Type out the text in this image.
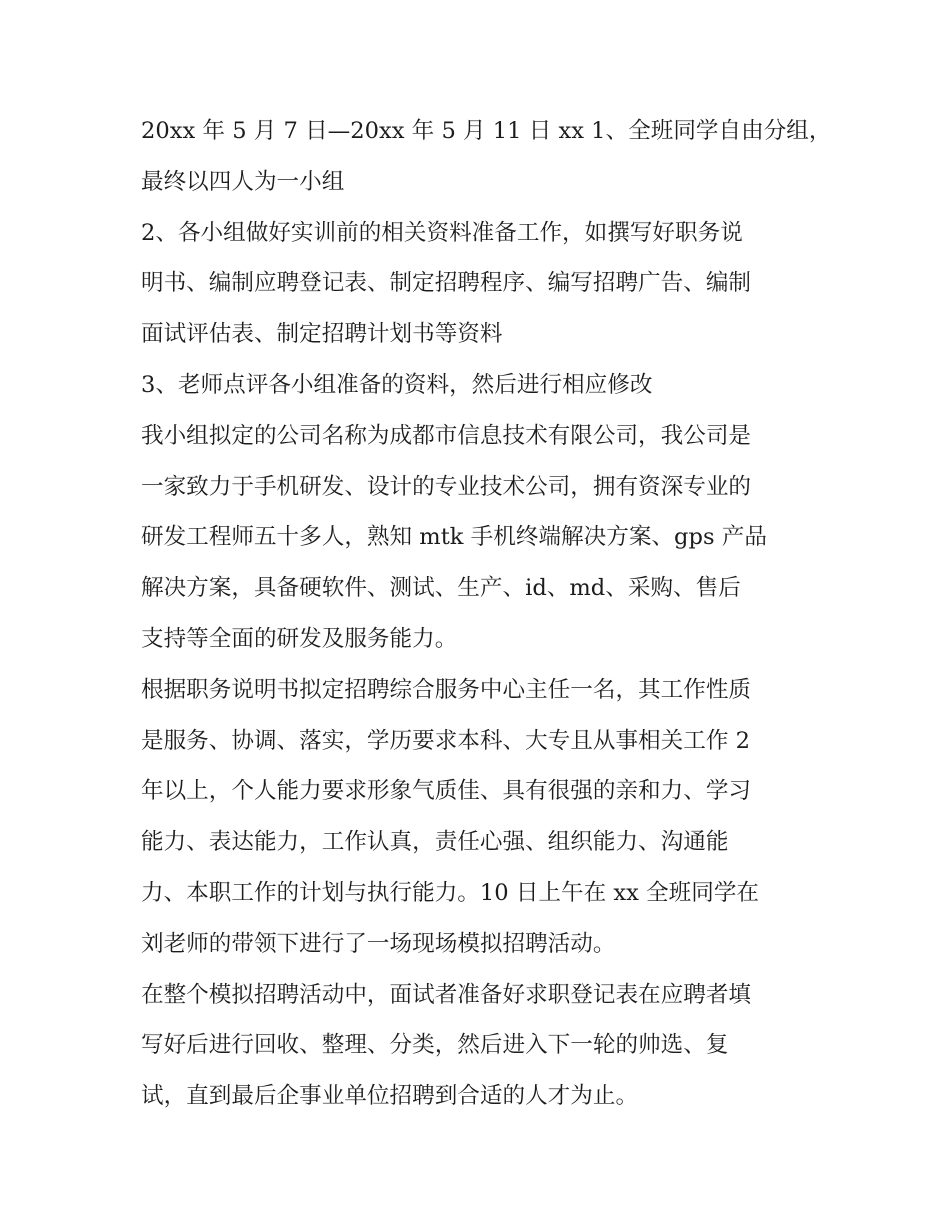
20xx 年 5 月 7 日—20xx 年 5 月 11 日 xx 1、全班同学自由分组，
最终以四人为一小组
2、各小组做好实训前的相关资料准备工作，如撰写好职务说
明书、编制应聘登记表、制定招聘程序、编写招聘广告、编制
面试评估表、制定招聘计划书等资料
3、老师点评各小组准备的资料，然后进行相应修改
我小组拟定的公司名称为成都市信息技术有限公司，我公司是
一家致力于手机研发、设计的专业技术公司，拥有资深专业的
研发工程师五十多人，熟知 mtk 手机终端解决方案、gps 产品
解决方案，具备硬软件、测试、生产、id、md、采购、售后
支持等全面的研发及服务能力。
根据职务说明书拟定招聘综合服务中心主任一名，其工作性质
是服务、协调、落实，学历要求本科、大专且从事相关工作 2
年以上，个人能力要求形象气质佳、具有很强的亲和力、学习
能力、表达能力，工作认真，责任心强、组织能力、沟通能
力、本职工作的计划与执行能力。10 日上午在 xx 全班同学在
刘老师的带领下进行了一场现场模拟招聘活动。
在整个模拟招聘活动中，面试者准备好求职登记表在应聘者填
写好后进行回收、整理、分类，然后进入下一轮的帅选、复
试，直到最后企事业单位招聘到合适的人才为止。
